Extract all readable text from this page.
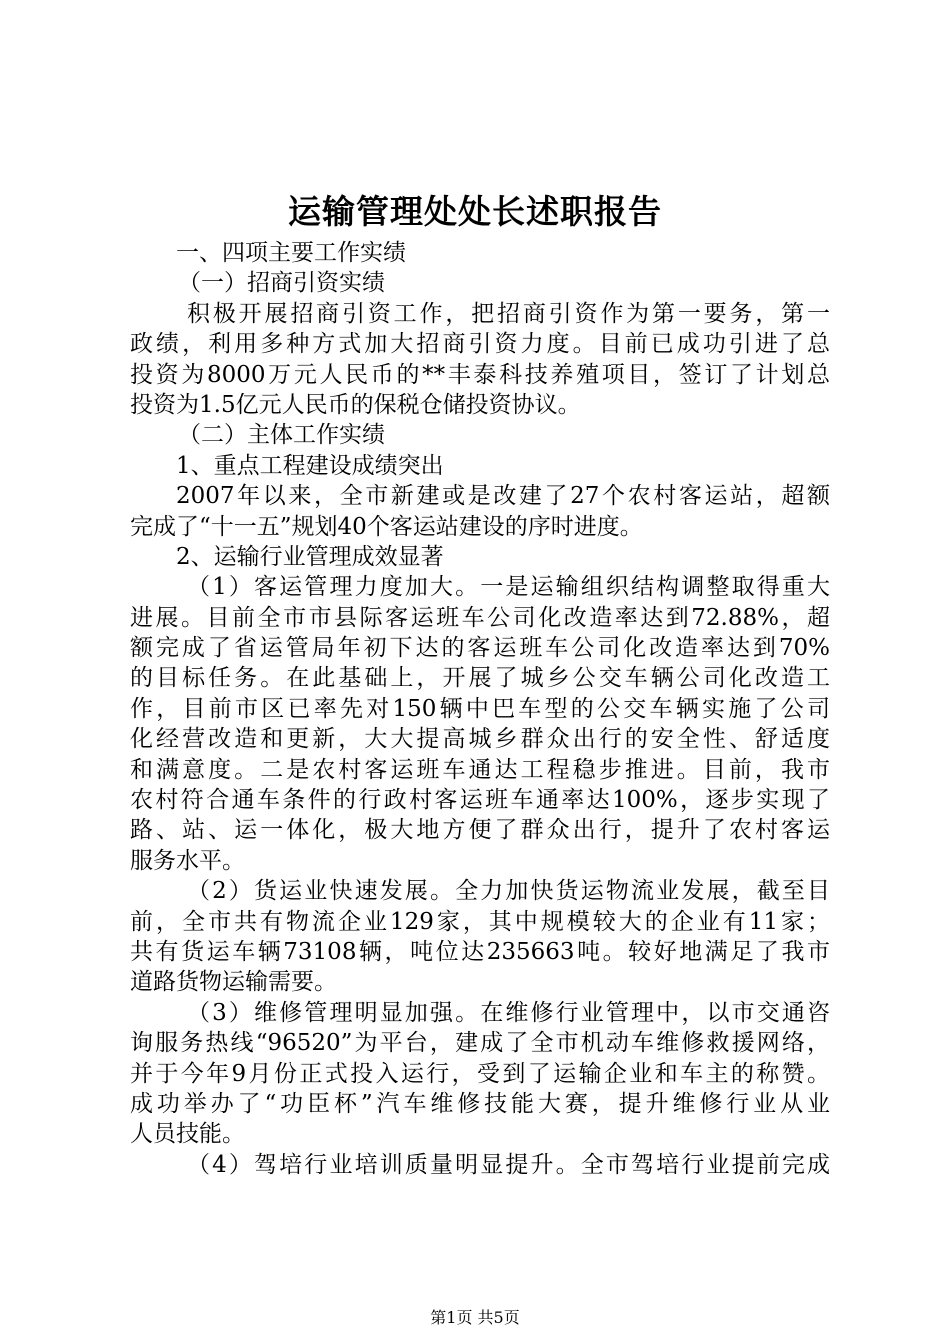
运输管理处处长述职报告
一、四项主要工作实绩
（一）招商引资实绩
积极开展招商引资工作，把招商引资作为第一要务，第一
政绩，利用多种方式加大招商引资力度。目前已成功引进了总
投资为8000万元人民币的**丰泰科技养殖项目，签订了计划总
投资为1.5亿元人民币的保税仓储投资协议。
（二）主体工作实绩
1、重点工程建设成绩突出
2007年以来，全市新建或是改建了27个农村客运站，超额
完成了“十一五”规划40个客运站建设的序时进度。
2、运输行业管理成效显著
（1）客运管理力度加大。一是运输组织结构调整取得重大
进展。目前全市市县际客运班车公司化改造率达到72.88%，超
额完成了省运管局年初下达的客运班车公司化改造率达到70%
的目标任务。在此基础上，开展了城乡公交车辆公司化改造工
作，目前市区已率先对150辆中巴车型的公交车辆实施了公司
化经营改造和更新，大大提高城乡群众出行的安全性、舒适度
和满意度。二是农村客运班车通达工程稳步推进。目前，我市
农村符合通车条件的行政村客运班车通率达100%，逐步实现了
路、站、运一体化，极大地方便了群众出行，提升了农村客运
服务水平。
（2）货运业快速发展。全力加快货运物流业发展，截至目
前，全市共有物流企业129家，其中规模较大的企业有11家；
共有货运车辆73108辆，吨位达235663吨。较好地满足了我市
道路货物运输需要。
（3）维修管理明显加强。在维修行业管理中，以市交通咨
询服务热线“96520”为平台，建成了全市机动车维修救援网络，
并于今年9月份正式投入运行，受到了运输企业和车主的称赞。
成功举办了“功臣杯”汽车维修技能大赛，提升维修行业从业
人员技能。
（4）驾培行业培训质量明显提升。全市驾培行业提前完成
第1页 共5页
